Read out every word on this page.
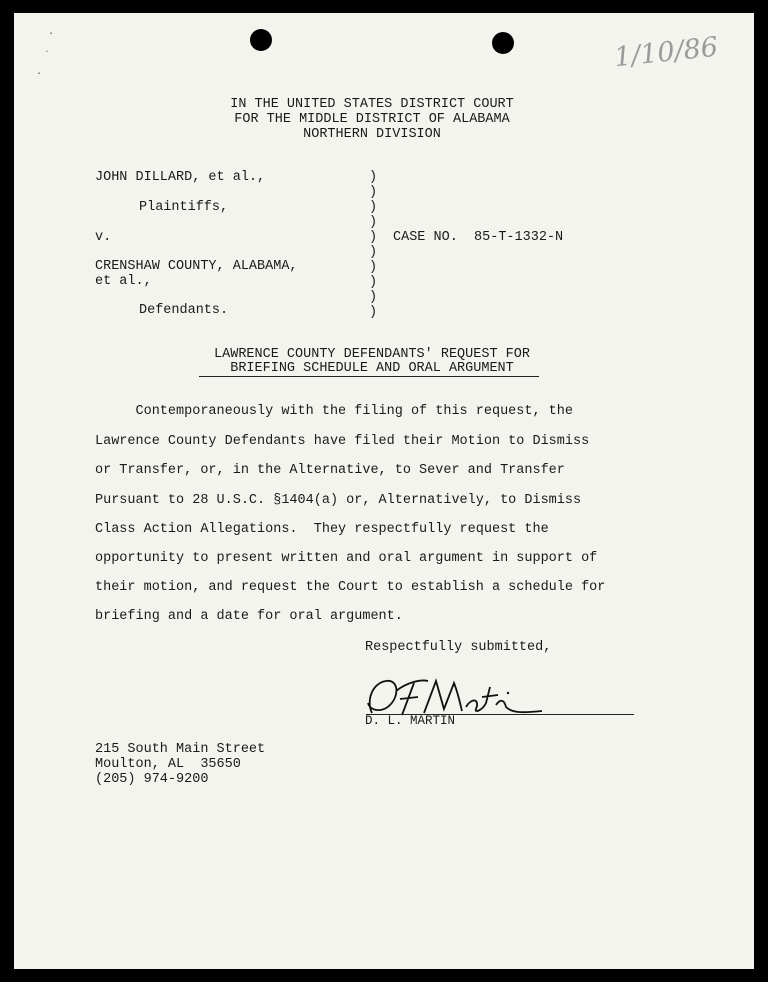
·
´
·
1/10/86
IN THE UNITED STATES DISTRICT COURT
FOR THE MIDDLE DISTRICT OF ALABAMA
NORTHERN DIVISION
JOHN DILLARD, et al.,
Plaintiffs,
v.
CRENSHAW COUNTY, ALABAMA,
et al.,
Defendants.
)
)
)
)
)
)
)
)
)
)
CASE NO.  85-T-1332-N
LAWRENCE COUNTY DEFENDANTS' REQUEST FOR
BRIEFING SCHEDULE AND ORAL ARGUMENT
Contemporaneously with the filing of this request, the
Lawrence County Defendants have filed their Motion to Dismiss
or Transfer, or, in the Alternative, to Sever and Transfer
Pursuant to 28 U.S.C. §1404(a) or, Alternatively, to Dismiss
Class Action Allegations.  They respectfully request the
opportunity to present written and oral argument in support of
their motion, and request the Court to establish a schedule for
briefing and a date for oral argument.
Respectfully submitted,
D. L. MARTIN
215 South Main Street
Moulton, AL  35650
(205) 974-9200
